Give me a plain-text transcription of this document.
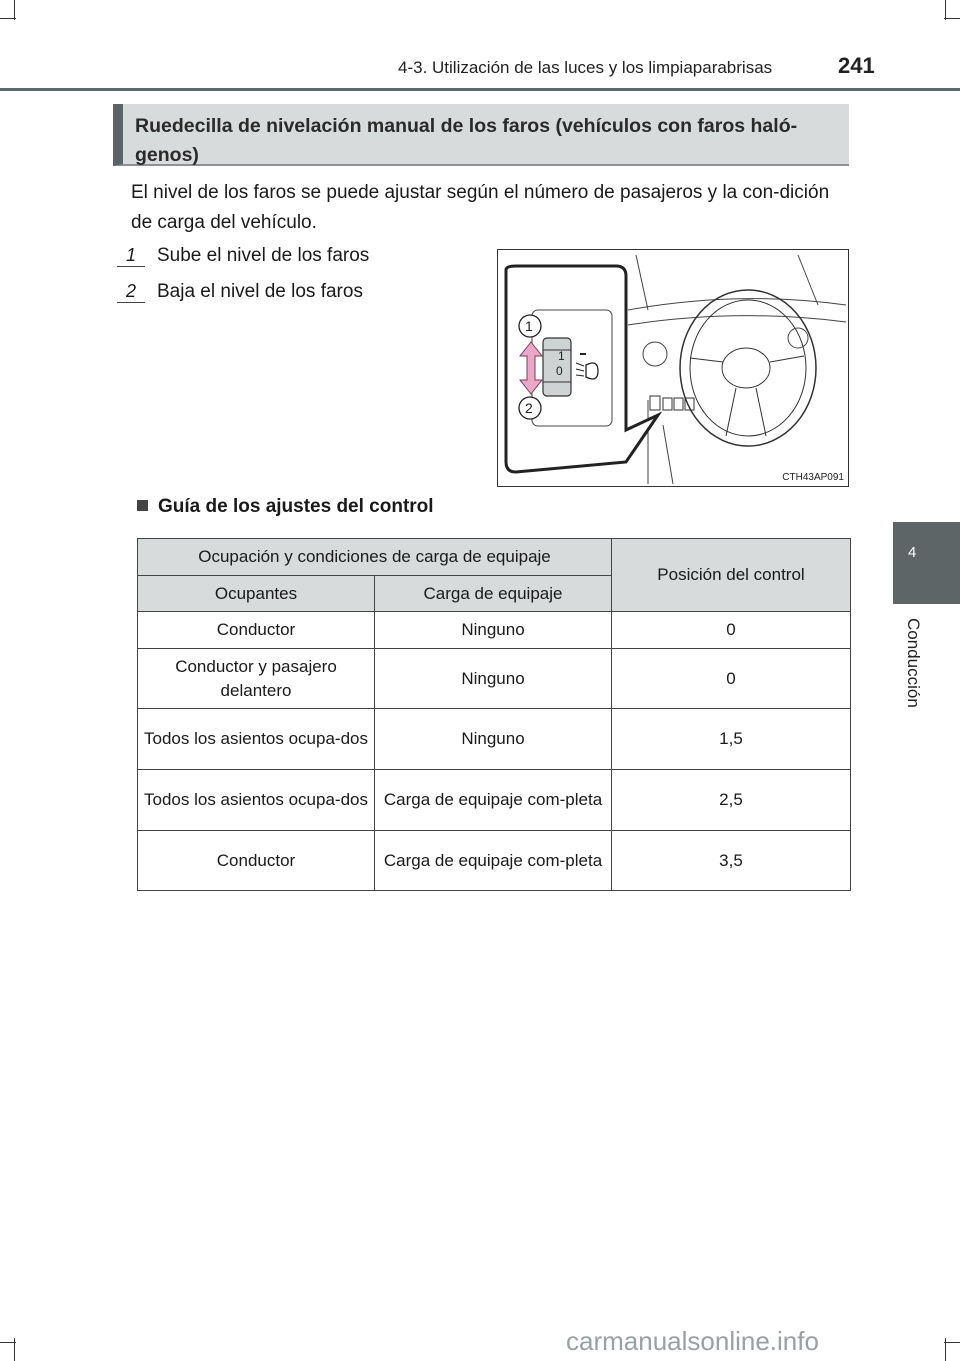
4-3. Utilización de las luces y los limpiaparabrisas	241
Ruedecilla de nivelación manual de los faros (vehículos con faros haló-genos)
El nivel de los faros se puede ajustar según el número de pasajeros y la con-dición de carga del vehículo.
1 Sube el nivel de los faros
2 Baja el nivel de los faros
1
0
1
2
CTH43AP091
Guía de los ajustes del control
Ocupación y condiciones de carga de equipaje		Posición del control
Ocupantes	Carga de equipaje	
Conductor	Ninguno	0
Conductor y pasajero delantero	Ninguno	0
Todos los asientos ocupa-dos	Ninguno	1,5
Todos los asientos ocupa-dos	Carga de equipaje com-pleta	2,5
Conductor	Carga de equipaje com-pleta	3,5
4
Conducción
carmanualsonline.info
